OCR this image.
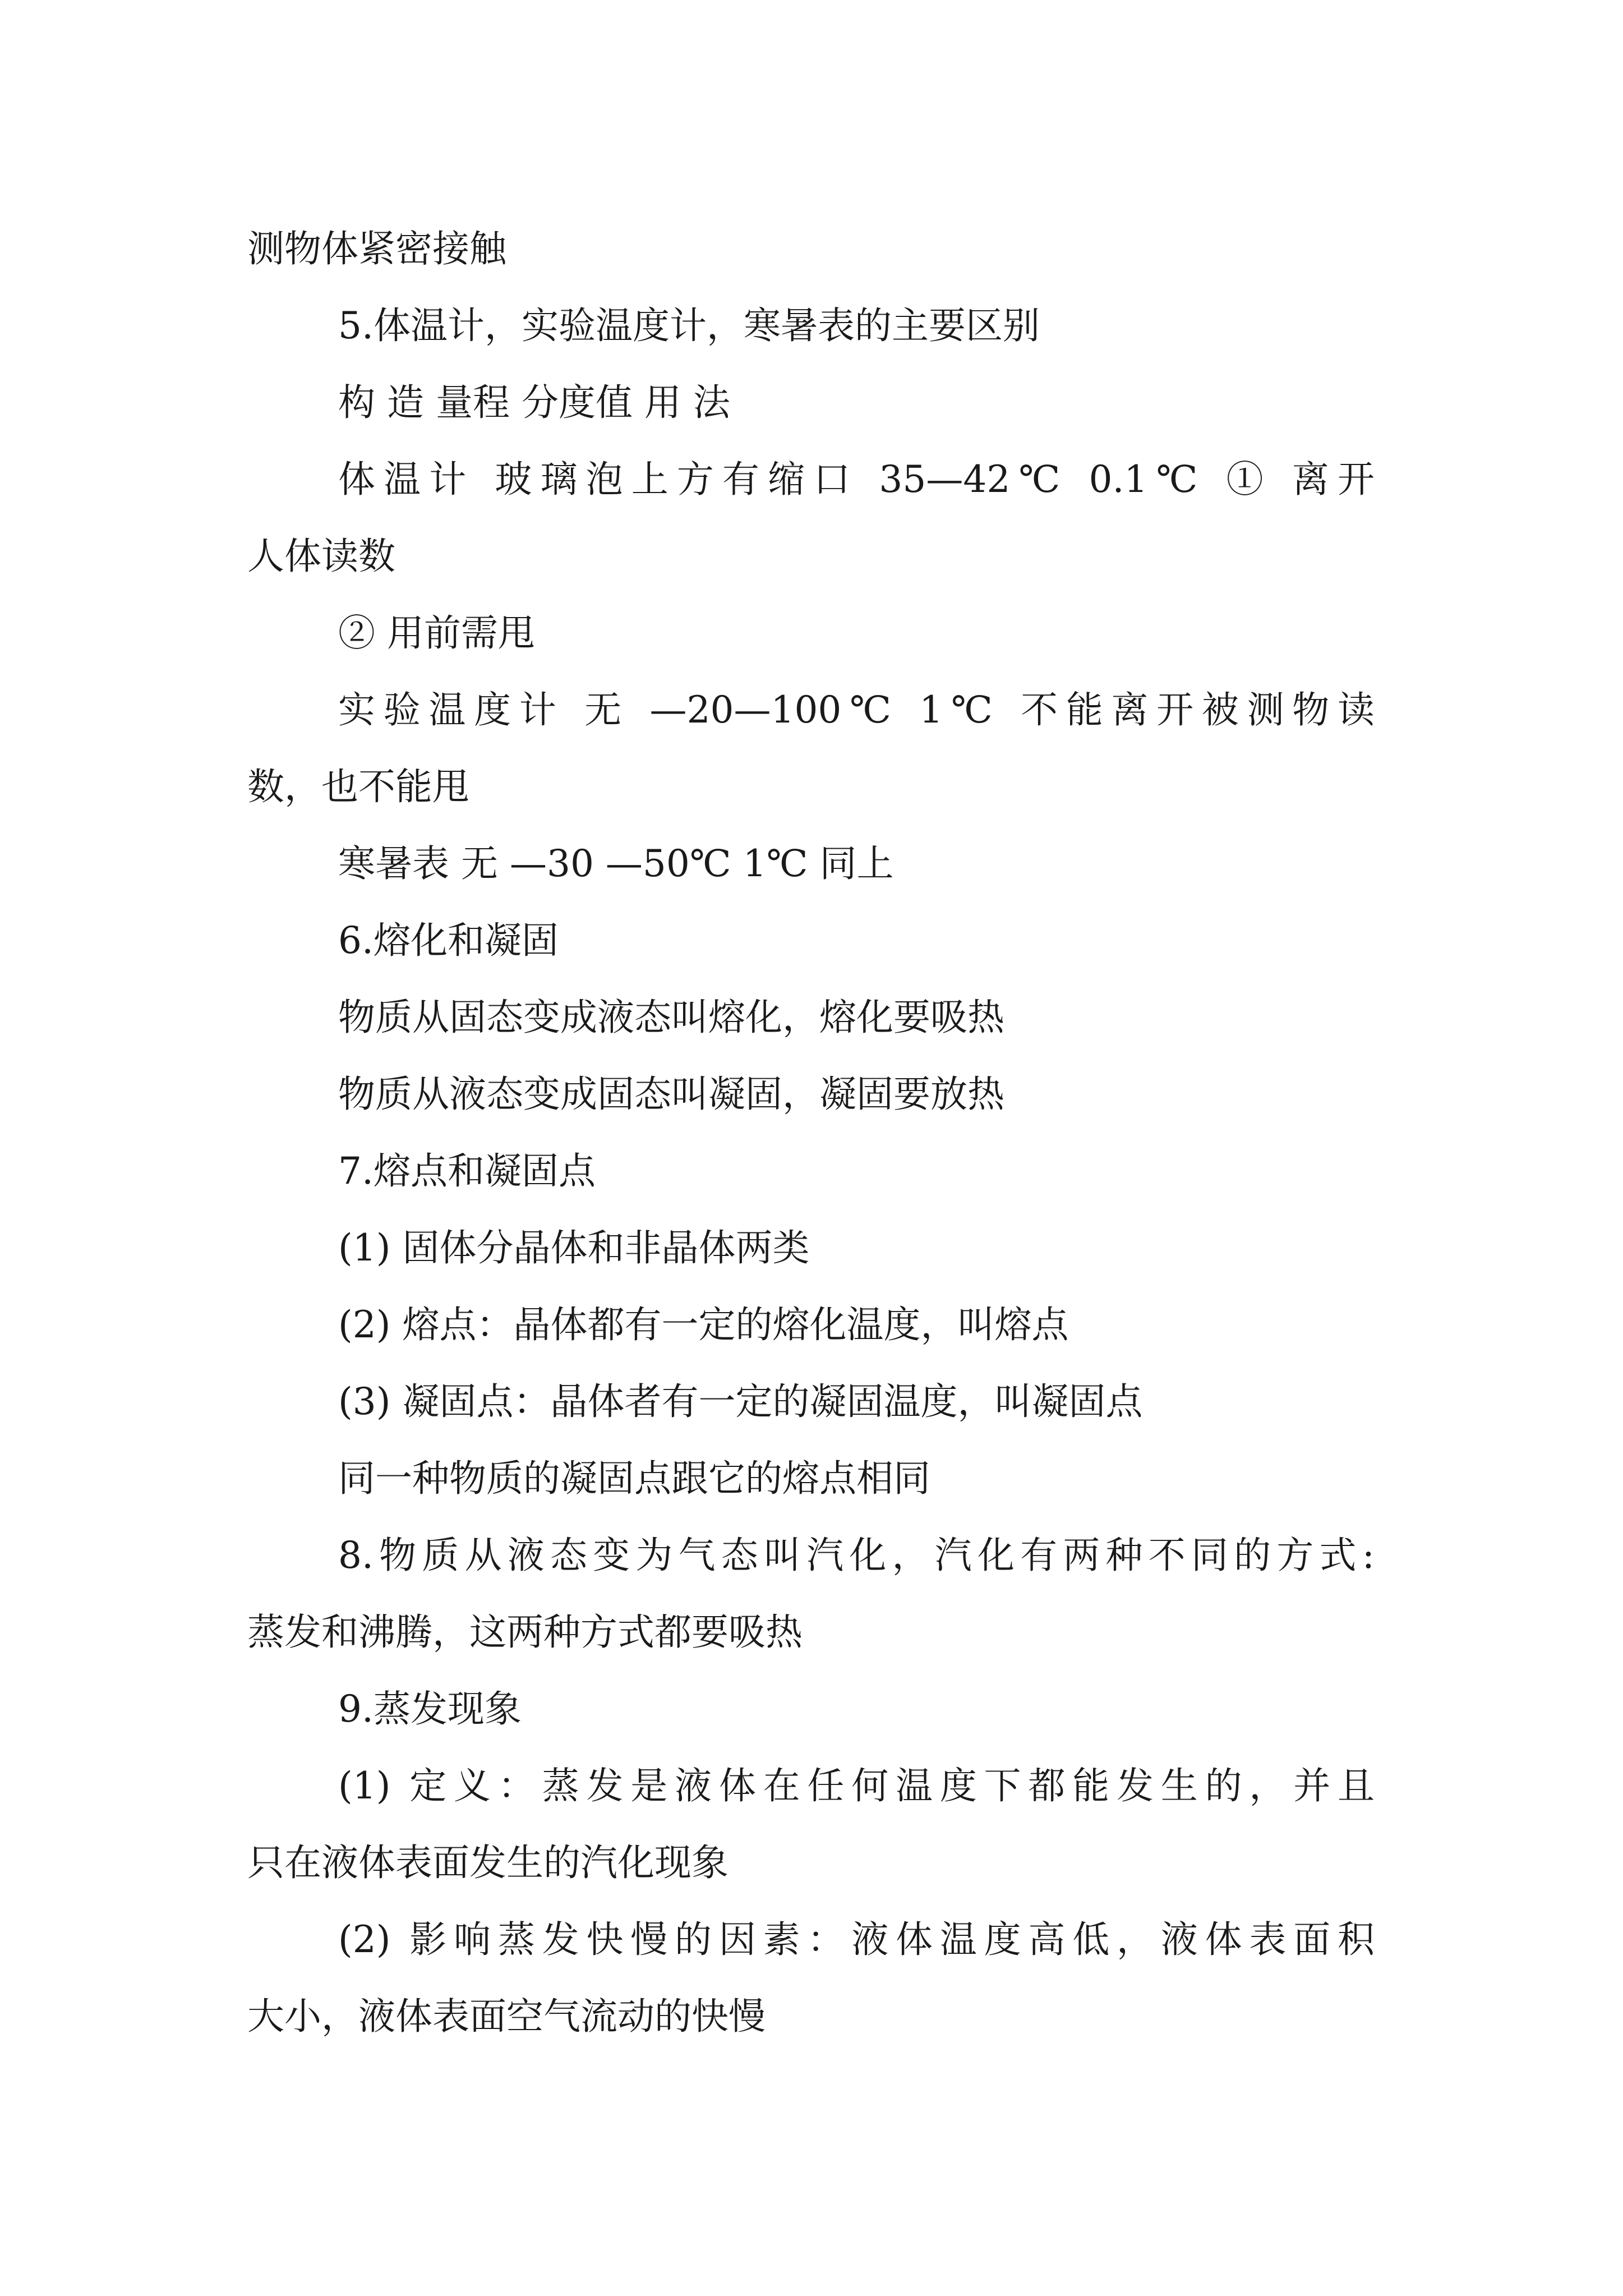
测物体紧密接触
5.体温计，实验温度计，寒暑表的主要区别
构 造 量程 分度值 用 法
体温计 玻璃泡上方有缩口 35—42℃ 0.1℃ ① 离开
人体读数
② 用前需甩
实验温度计 无 —20—100℃ 1℃ 不能离开被测物读
数，也不能甩
寒暑表 无 —30 —50℃ 1℃ 同上
6.熔化和凝固
物质从固态变成液态叫熔化，熔化要吸热
物质从液态变成固态叫凝固，凝固要放热
7.熔点和凝固点
(1) 固体分晶体和非晶体两类
(2) 熔点：晶体都有一定的熔化温度，叫熔点
(3) 凝固点：晶体者有一定的凝固温度，叫凝固点
同一种物质的凝固点跟它的熔点相同
8.物质从液态变为气态叫汽化，汽化有两种不同的方式:
蒸发和沸腾，这两种方式都要吸热
9.蒸发现象
(1) 定义：蒸发是液体在任何温度下都能发生的，并且
只在液体表面发生的汽化现象
(2) 影响蒸发快慢的因素：液体温度高低，液体表面积
大小，液体表面空气流动的快慢
